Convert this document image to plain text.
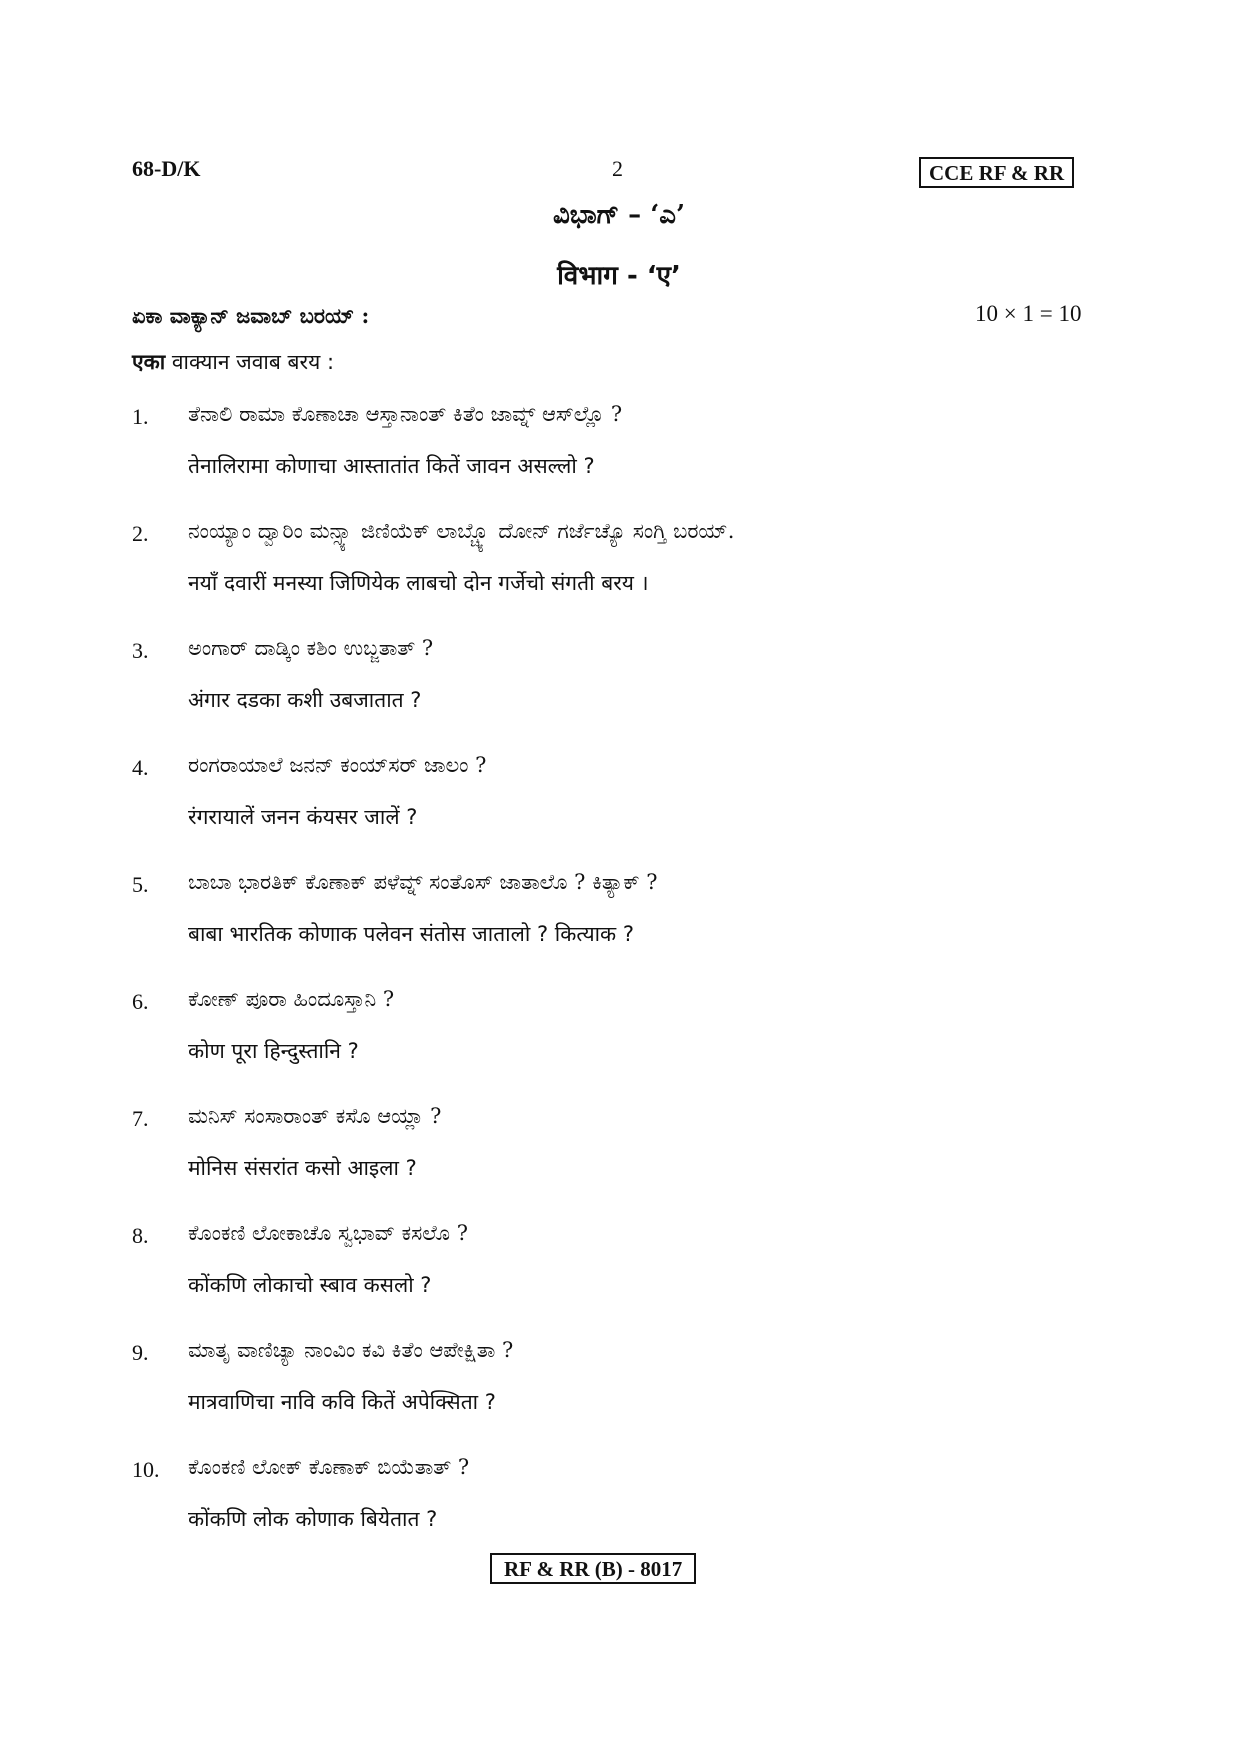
68-D/K	2	CCE RF & RR
ವಿಭಾಗ್ – ‘ಎ’
विभाग - ‘ए’
ಏಕಾ ವಾಕ್ಯಾನ್ ಜವಾಬ್ ಬರಯ್ :	10 × 1 = 10
एका वाक्यान जवाब बरय :
1. ತೆನಾಲಿ ರಾಮಾ ಕೊಣಾಚಾ ಆಸ್ತಾನಾಂತ್ ಕಿತೆಂ ಜಾವ್ನ್ ಆಸ್‌ಲ್ಲೊ ?
तेनालिरामा कोणाचा आस्तातांत कितें जावन असल्लो ?
2. ನಂಯ್ಯಾಂ ದ್ವಾರಿಂ ಮನ್ಸ್ಯಾ ಜಿಣಿಯೆಕ್ ಲಾಬ್ಚ್ಯೊ ದೋನ್ ಗರ್ಜೆಚ್ಯೊ ಸಂಗ್ತಿ ಬರಯ್.
नयाँ दवारीं मनस्या जिणियेक लाबचो दोन गर्जेचो संगती बरय ।
3. ಅಂಗಾರ್ ದಾಡ್ಕಿಂ ಕಶಿಂ ಉಬ್ಜತಾತ್ ?
अंगार दडका कशी उबजातात ?
4. ರಂಗರಾಯಾಲೆ ಜನನ್ ಕಂಯ್‌ಸರ್ ಜಾಲಂ ?
रंगरायालें जनन कंयसर जालें ?
5. ಬಾಬಾ ಭಾರತಿಕ್ ಕೊಣಾಕ್ ಪಳೆವ್ನ್ ಸಂತೊಸ್ ಜಾತಾಲೊ ? ಕಿತ್ಯಾಕ್ ?
बाबा भारतिक कोणाक पलेवन संतोस जातालो ? कित्याक ?
6. ಕೋಣ್ ಪೂರಾ ಹಿಂದೂಸ್ತಾನಿ ?
कोण पूरा हिन्दुस्तानि ?
7. ಮನಿಸ್ ಸಂಸಾರಾಂತ್ ಕಸೊ ಆಯ್ಲಾ ?
मोनिस संसरांत कसो आइला ?
8. ಕೊಂಕಣಿ ಲೋಕಾಚೊ ಸ್ವಭಾವ್ ಕಸಲೊ ?
कोंकणि लोकाचो स्बाव कसलो ?
9. ಮಾತೃ ವಾಣಿಚ್ಯಾ ನಾಂವಿಂ ಕವಿ ಕಿತೆಂ ಆಪೇಕ್ಷಿತಾ ?
मात्रवाणिचा नावि कवि कितें अपेक्सिता ?
10. ಕೊಂಕಣಿ ಲೋಕ್ ಕೊಣಾಕ್ ಬಿಯೆತಾತ್ ?
कोंकणि लोक कोणाक बियेतात ?
RF & RR (B) - 8017
